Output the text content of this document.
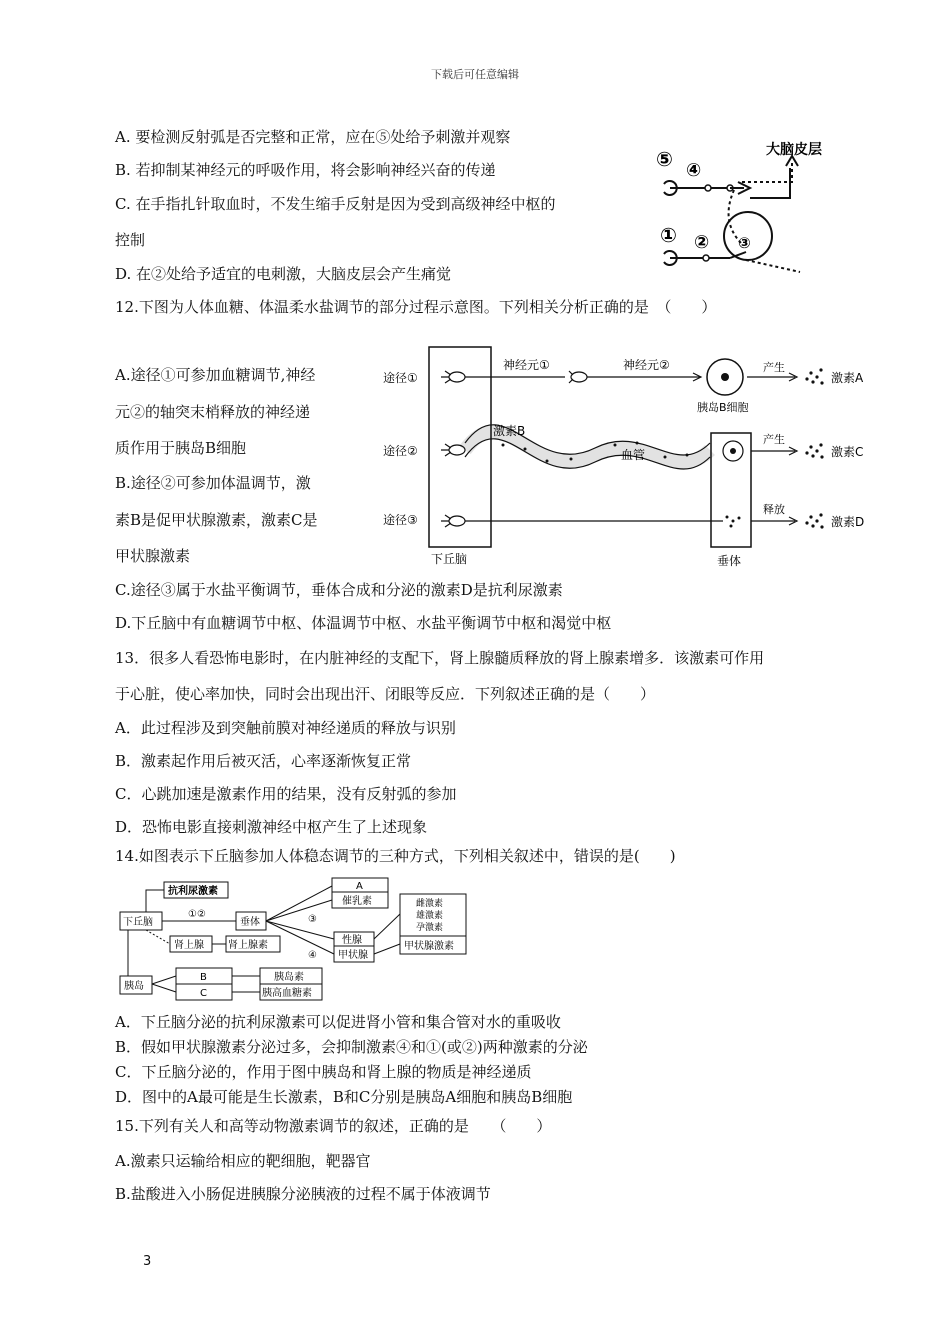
下载后可任意编辑
A. 要检测反射弧是否完整和正常，应在⑤处给予刺激并观察
B. 若抑制某神经元的呼吸作用，将会影响神经兴奋的传递
C. 在手指扎针取血时，不发生缩手反射是因为受到高级神经中枢的
控制
D. 在②处给予适宜的电刺激，大脑皮层会产生痛觉
大脑皮层
⑤ ④
① ② ③
12.下图为人体血糖、体温柔水盐调节的部分过程示意图。下列相关分析正确的是　（　　）
A.途径①可参加血糖调节,神经
元②的轴突末梢释放的神经递
质作用于胰岛B细胞
B.途径②可参加体温调节，激
素B是促甲状腺激素，激素C是
甲状腺激素
C.途径③属于水盐平衡调节，垂体合成和分泌的激素D是抗利尿激素
D.下丘脑中有血糖调节中枢、体温调节中枢、水盐平衡调节中枢和渴觉中枢
下丘脑
途径①
途径②
途径③
神经元①	神经元②
胰岛B细胞
产生
激素A
激素B
血管
垂体
产生
激素C
释放
激素D
13．很多人看恐怖电影时，在内脏神经的支配下，肾上腺髓质释放的肾上腺素增多．该激素可作用
于心脏，使心率加快，同时会出现出汗、闭眼等反应．下列叙述正确的是（　　）
A．此过程涉及到突触前膜对神经递质的释放与识别
B．激素起作用后被灭活，心率逐渐恢复正常
C．心跳加速是激素作用的结果，没有反射弧的参加
D．恐怖电影直接刺激神经中枢产生了上述现象
14.如图表示下丘脑参加人体稳态调节的三种方式，下列相关叙述中，错误的是(　　)
抗利尿激素
下丘脑
①②
垂体
A
催乳素
③
④
性腺
甲状腺
雌激素
雄激素
孕激素
甲状腺激素
肾上腺 肾上腺素
胰岛
B
C
胰岛素
胰高血糖素
A．下丘脑分泌的抗利尿激素可以促进肾小管和集合管对水的重吸收
B．假如甲状腺激素分泌过多，会抑制激素④和①(或②)两种激素的分泌
C．下丘脑分泌的，作用于图中胰岛和肾上腺的物质是神经递质
D．图中的A最可能是生长激素，B和C分别是胰岛A细胞和胰岛B细胞
15.下列有关人和高等动物激素调节的叙述，正确的是　　（　　）
A.激素只运输给相应的靶细胞，靶器官
B.盐酸进入小肠促进胰腺分泌胰液的过程不属于体液调节
3
